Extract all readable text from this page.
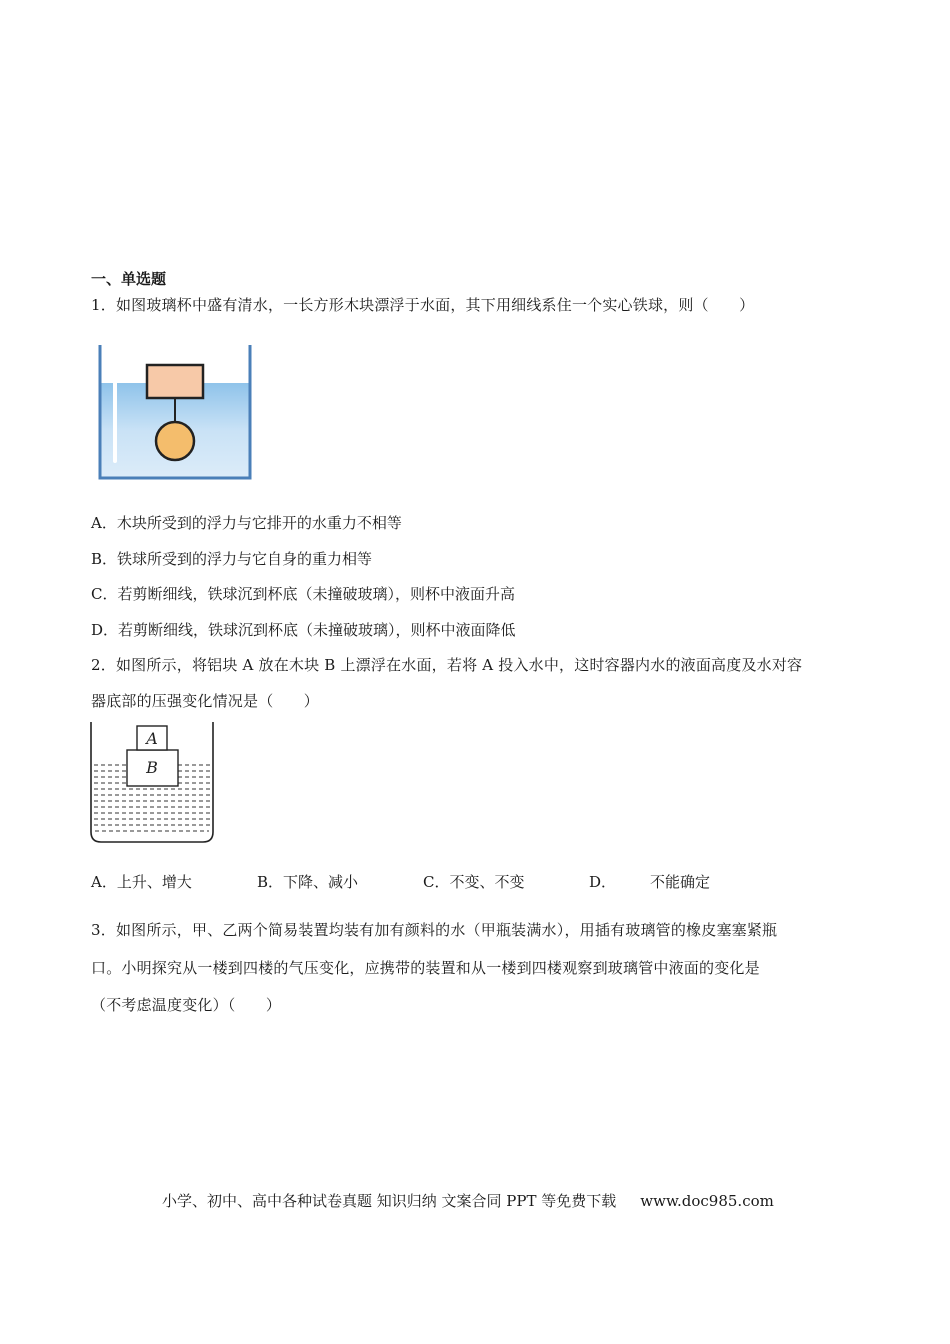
一、单选题
1．如图玻璃杯中盛有清水，一长方形木块漂浮于水面，其下用细线系住一个实心铁球，则（　　）
A．木块所受到的浮力与它排开的水重力不相等
B．铁球所受到的浮力与它自身的重力相等
C．若剪断细线，铁球沉到杯底（未撞破玻璃），则杯中液面升高
D．若剪断细线，铁球沉到杯底（未撞破玻璃），则杯中液面降低
2．如图所示，将铝块 A 放在木块 B 上漂浮在水面，若将 A 投入水中，这时容器内水的液面高度及水对容
器底部的压强变化情况是（　　）
A
B
A．上升、增大	B．下降、减小	C．不变、不变	D． 不能确定
3．如图所示，甲、乙两个简易装置均装有加有颜料的水（甲瓶装满水），用插有玻璃管的橡皮塞塞紧瓶
口。小明探究从一楼到四楼的气压变化，应携带的装置和从一楼到四楼观察到玻璃管中液面的变化是
（不考虑温度变化）（　　）
小学、初中、高中各种试卷真题 知识归纳 文案合同 PPT 等免费下载 www.doc985.com
